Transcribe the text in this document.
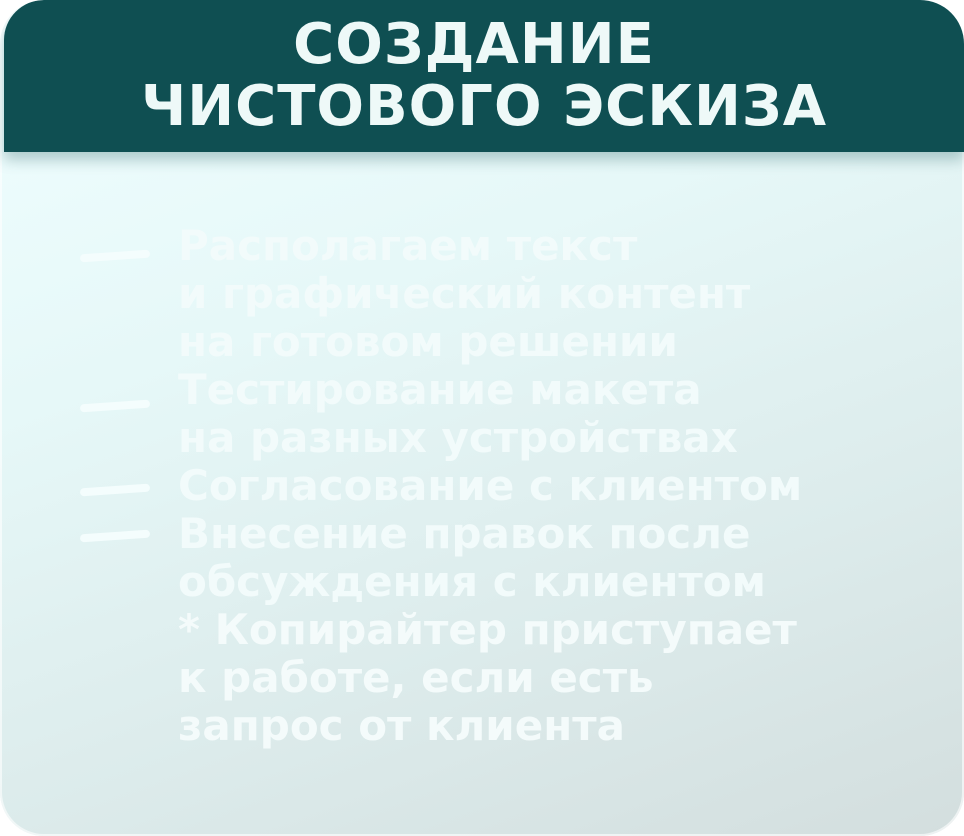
СОЗДАНИЕ
ЧИСТОВОГО ЭСКИЗА
Располагаем текст
и графический контент
на готовом решении
Тестирование макета
на разных устройствах
Согласование с клиентом
Внесение правок после
обсуждения с клиентом
* Копирайтер приступает
к работе, если есть
запрос от клиента
